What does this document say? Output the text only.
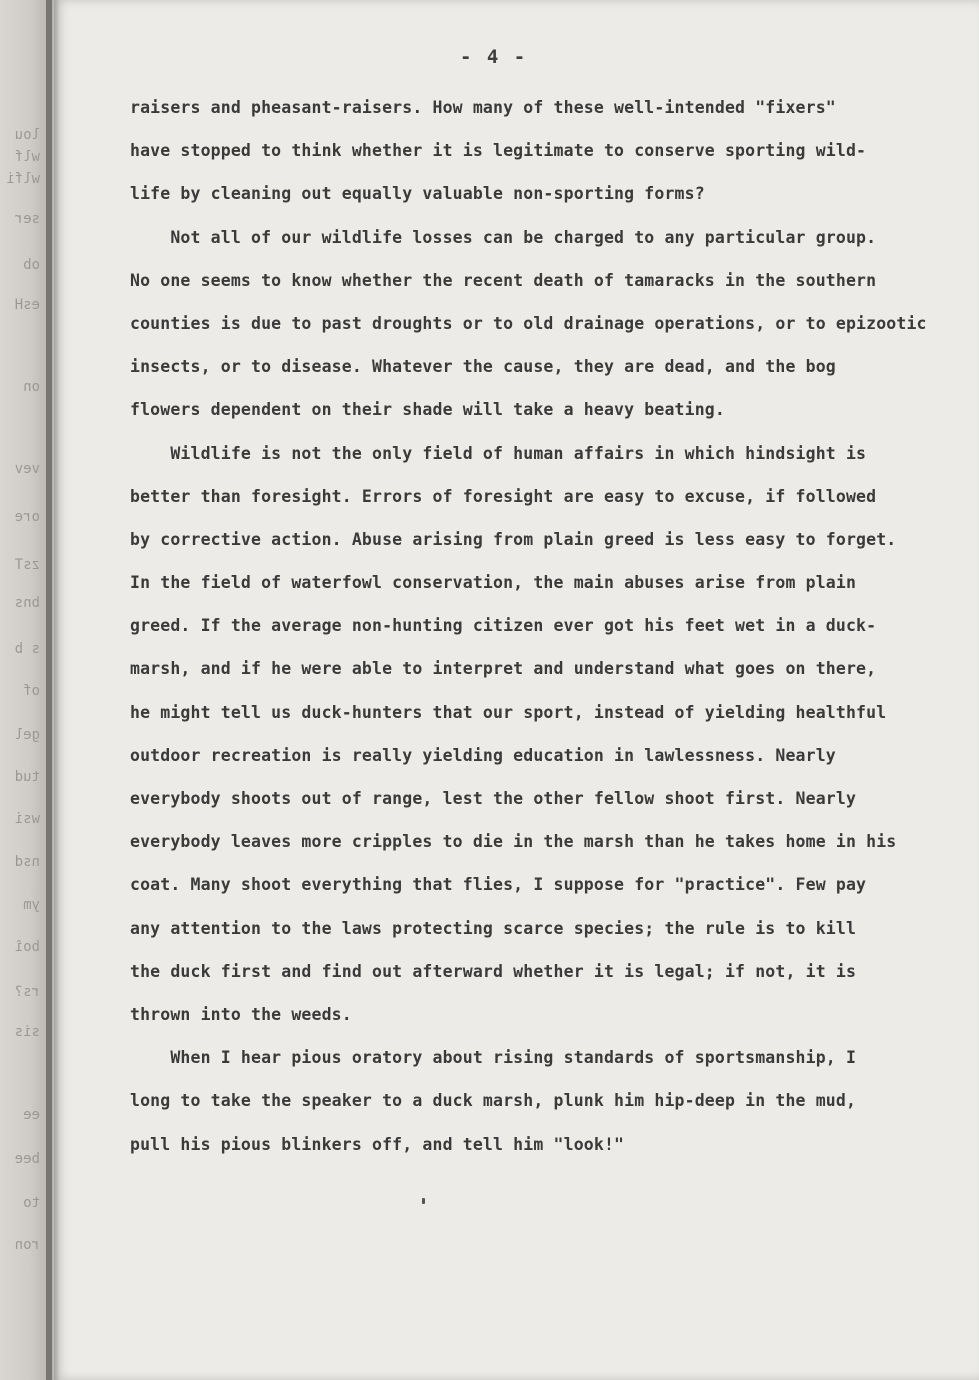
lou
wlf
wlfi
ser
ob
esH
on
vev
ore
zsT
bns
s b
of
gel
tud
wsi
nsd
ym
boî
rs?
sis
ee
bee
to
ron
- 4 -
raisers and pheasant-raisers. How many of these well-intended "fixers"
have stopped to think whether it is legitimate to conserve sporting wild-
life by cleaning out equally valuable non-sporting forms?
Not all of our wildlife losses can be charged to any particular group.
No one seems to know whether the recent death of tamaracks in the southern
counties is due to past droughts or to old drainage operations, or to epizootic
insects, or to disease. Whatever the cause, they are dead, and the bog
flowers dependent on their shade will take a heavy beating.
Wildlife is not the only field of human affairs in which hindsight is
better than foresight. Errors of foresight are easy to excuse, if followed
by corrective action. Abuse arising from plain greed is less easy to forget.
In the field of waterfowl conservation, the main abuses arise from plain
greed. If the average non-hunting citizen ever got his feet wet in a duck-
marsh, and if he were able to interpret and understand what goes on there,
he might tell us duck-hunters that our sport, instead of yielding healthful
outdoor recreation is really yielding education in lawlessness. Nearly
everybody shoots out of range, lest the other fellow shoot first. Nearly
everybody leaves more cripples to die in the marsh than he takes home in his
coat. Many shoot everything that flies, I suppose for "practice". Few pay
any attention to the laws protecting scarce species; the rule is to kill
the duck first and find out afterward whether it is legal; if not, it is
thrown into the weeds.
When I hear pious oratory about rising standards of sportsmanship, I
long to take the speaker to a duck marsh, plunk him hip-deep in the mud,
pull his pious blinkers off, and tell him "look!"
